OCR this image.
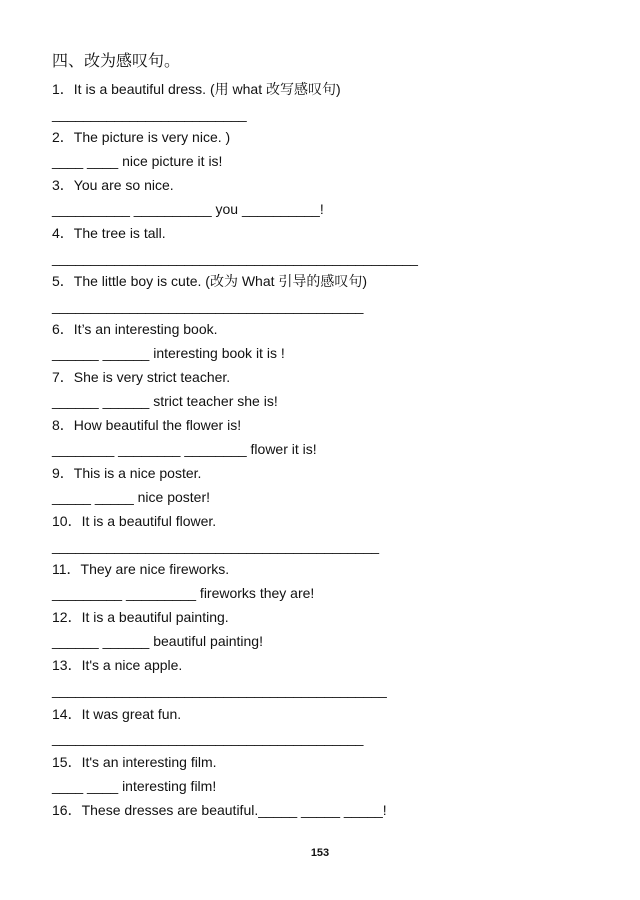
四、改为感叹句。
1．It is a beautiful dress. (用 what 改写感叹句)
_________________________
2．The picture is very nice. )
____ ____ nice picture it is!
3．You are so nice.
__________ __________ you __________!
4．The tree is tall.
_______________________________________________
5．The little boy is cute. (改为 What 引导的感叹句)
________________________________________
6．It’s an interesting book.
______ ______ interesting book it is !
7．She is very strict teacher.
______ ______ strict teacher she is!
8．How beautiful the flower is!
________ ________ ________ flower it is!
9．This is a nice poster.
_____ _____ nice poster!
10．It is a beautiful flower.
__________________________________________
11．They are nice fireworks.
_________ _________ fireworks they are!
12．It is a beautiful painting.
______ ______ beautiful painting!
13．It's a nice apple.
___________________________________________
14．It was great fun.
________________________________________
15．It's an interesting film.
____ ____ interesting film!
16．These dresses are beautiful._____ _____ _____!
153
